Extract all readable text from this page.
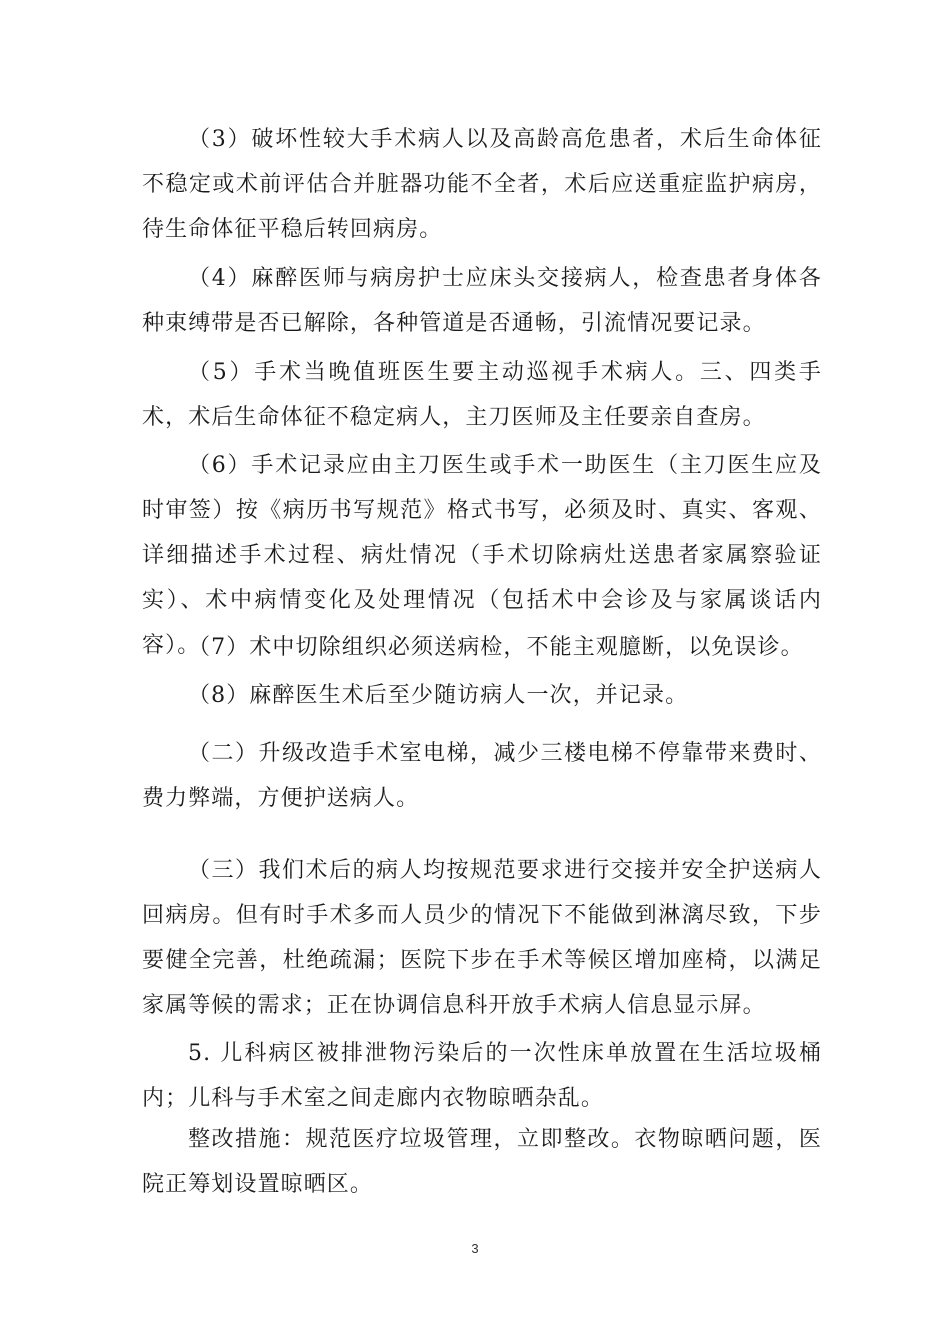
（3）破坏性较大手术病人以及高龄高危患者，术后生命体征不稳定或术前评估合并脏器功能不全者，术后应送重症监护病房，待生命体征平稳后转回病房。

（4）麻醉医师与病房护士应床头交接病人，检查患者身体各种束缚带是否已解除，各种管道是否通畅，引流情况要记录。

（5）手术当晚值班医生要主动巡视手术病人。三、四类手术，术后生命体征不稳定病人，主刀医师及主任要亲自查房。

（6）手术记录应由主刀医生或手术一助医生（主刀医生应及时审签）按《病历书写规范》格式书写，必须及时、真实、客观、详细描述手术过程、病灶情况（手术切除病灶送患者家属察验证实）、术中病情变化及处理情况（包括术中会诊及与家属谈话内容）。

（7）术中切除组织必须送病检，不能主观臆断，以免误诊。

（8）麻醉医生术后至少随访病人一次，并记录。

（二）升级改造手术室电梯，减少三楼电梯不停靠带来费时、费力弊端，方便护送病人。

（三）我们术后的病人均按规范要求进行交接并安全护送病人回病房。但有时手术多而人员少的情况下不能做到淋漓尽致，下步要健全完善，杜绝疏漏；医院下步在手术等候区增加座椅，以满足家属等候的需求；正在协调信息科开放手术病人信息显示屏。

5. 儿科病区被排泄物污染后的一次性床单放置在生活垃圾桶内；儿科与手术室之间走廊内衣物晾晒杂乱。

整改措施：规范医疗垃圾管理，立即整改。衣物晾晒问题，医院正筹划设置晾晒区。

3
